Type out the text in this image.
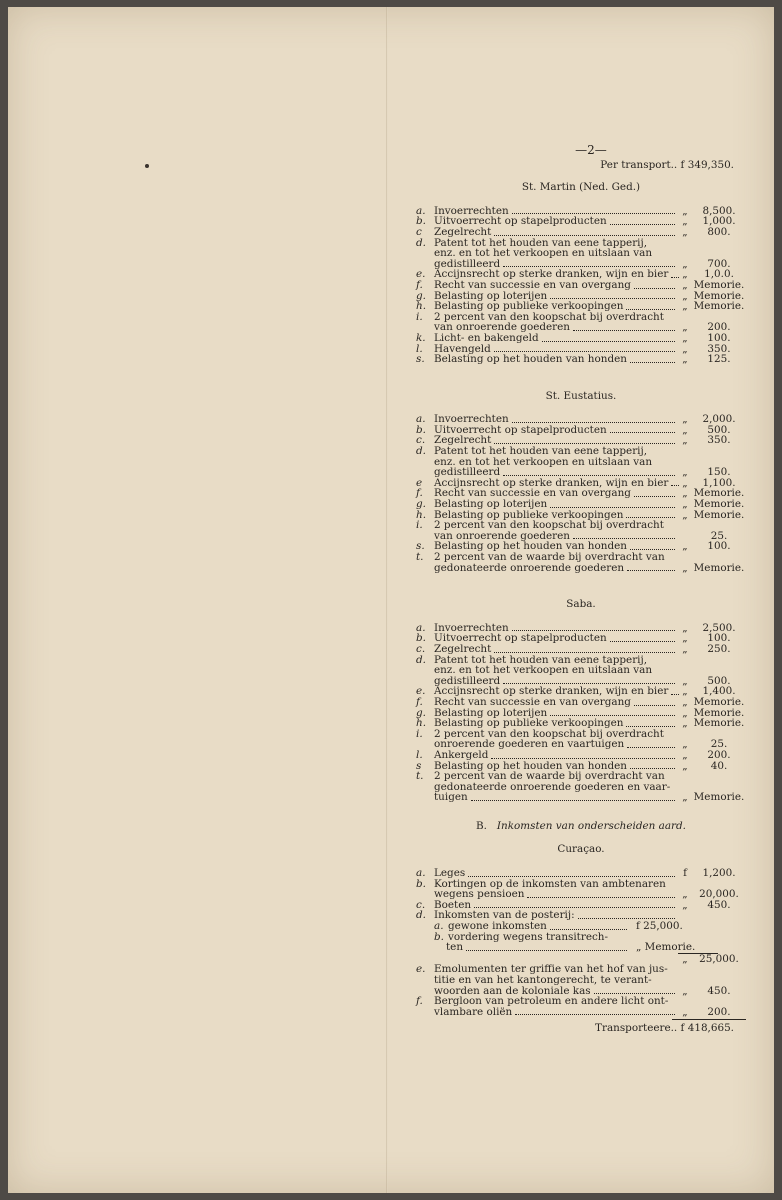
—2—
Per transport.. f 349,350.
St. Martin (Ned. Ged.)
a. Invoerrechten	„	8,500.
b. Uitvoerrecht op stapelproducten	„	1,000.
c	Zegelrecht	„	800.
d. Patent tot het houden van eene tapperij,
enz. en tot het verkoopen en uitslaan van
gedistilleerd	„	700.
e. Accijnsrecht op sterke dranken, wijn en bier	„	1,0.0.
f.	Recht van successie en van overgang	„ Memorie.
g. Belasting op loterijen	„ Memorie.
h. Belasting op publieke verkoopingen	„ Memorie.
i.	2 percent van den koopschat bij overdracht
van onroerende goederen	„	200.
k. Licht- en bakengeld	„	100.
l.	Havengeld	„	350.
s. Belasting op het houden van honden	„	125.
St. Eustatius.
a. Invoerrechten	„	2,000.
b. Uitvoerrecht op stapelproducten	„	500.
c. Zegelrecht	„	350.
d. Patent tot het houden van eene tapperij,
enz. en tot het verkoopen en uitslaan van
gedistilleerd	„	150.
e	Accijnsrecht op sterke dranken, wijn en bier	„	1,100.
f.	Recht van successie en van overgang	„ Memorie.
g. Belasting op loterijen	„ Memorie.
h. Belasting op publieke verkoopingen	„ Memorie.
i.	2 percent van den koopschat bij overdracht
van onroerende goederen	25.
s. Belasting op het houden van honden	„	100.
t.	2 percent van de waarde bij overdracht van
gedonateerde onroerende goederen	„ Memorie.
Saba.
a. Invoerrechten	„	2,500.
b. Uitvoerrecht op stapelproducten	„	100.
c. Zegelrecht	„	250.
d. Patent tot het houden van eene tapperij,
enz. en tot het verkoopen en uitslaan van
gedistilleerd	„	500.
e. Accijnsrecht op sterke dranken, wijn en bier	„	1,400.
f.	Recht van successie en van overgang	„ Memorie.
g. Belasting op loterijen	„ Memorie.
h. Belasting op publieke verkoopingen	„ Memorie.
i.	2 percent van den koopschat bij overdracht
onroerende goederen en vaartuigen	„	25.
l.	Ankergeld	„	200.
s	Belasting op het houden van honden	„	40.
t.	2 percent van de waarde bij overdracht van
gedonateerde onroerende goederen en vaar-
tuigen	„ Memorie.
B. Inkomsten van onderscheiden aard.
Curaçao.
a. Leges	f	1,200.
b. Kortingen op de inkomsten van ambtenaren
wegens pensioen	„	20,000.
c. Boeten	„	450.
d. Inkomsten van de posterij:
a. gewone inkomsten	f 25,000.
b. vordering wegens transitrech-
ten	„ Memorie.
„	25,000.
e. Emolumenten ter griffie van het hof van jus-
titie en van het kantongerecht, te verant-
woorden aan de koloniale kas	„	450.
f.	Bergloon van petroleum en andere licht ont-
vlambare oliën	„	200.
Transporteere.. f 418,665.
